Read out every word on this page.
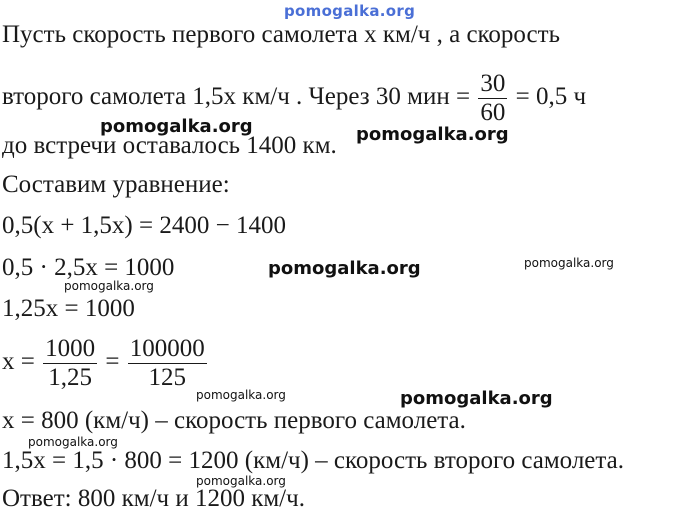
pomogalka.org
Пусть скорость первого самолета x км/ч , а скорость
второго самолета 1,5x км/ч . Через 30 мин = $\frac{30}{60} = 0,5$ ч
до встречи оставалось 1400 км.
Составим уравнение:
0,5(x + 1,5x) = 2400 − 1400
0,5 · 2,5x = 1000
1,25x = 1000
$x = \frac{1000}{1,25} = \frac{100000}{125}$
x = 800 (км/ч) – скорость первого самолета.
1,5x = 1,5 · 800 = 1200 (км/ч) – скорость второго самолета.
Ответ: 800 км/ч и 1200 км/ч.
pomogalka.org	pomogalka.org
pomogalka.org	pomogalka.org
pomogalka.org
pomogalka.org	pomogalka.org
pomogalka.org
pomogalka.org
